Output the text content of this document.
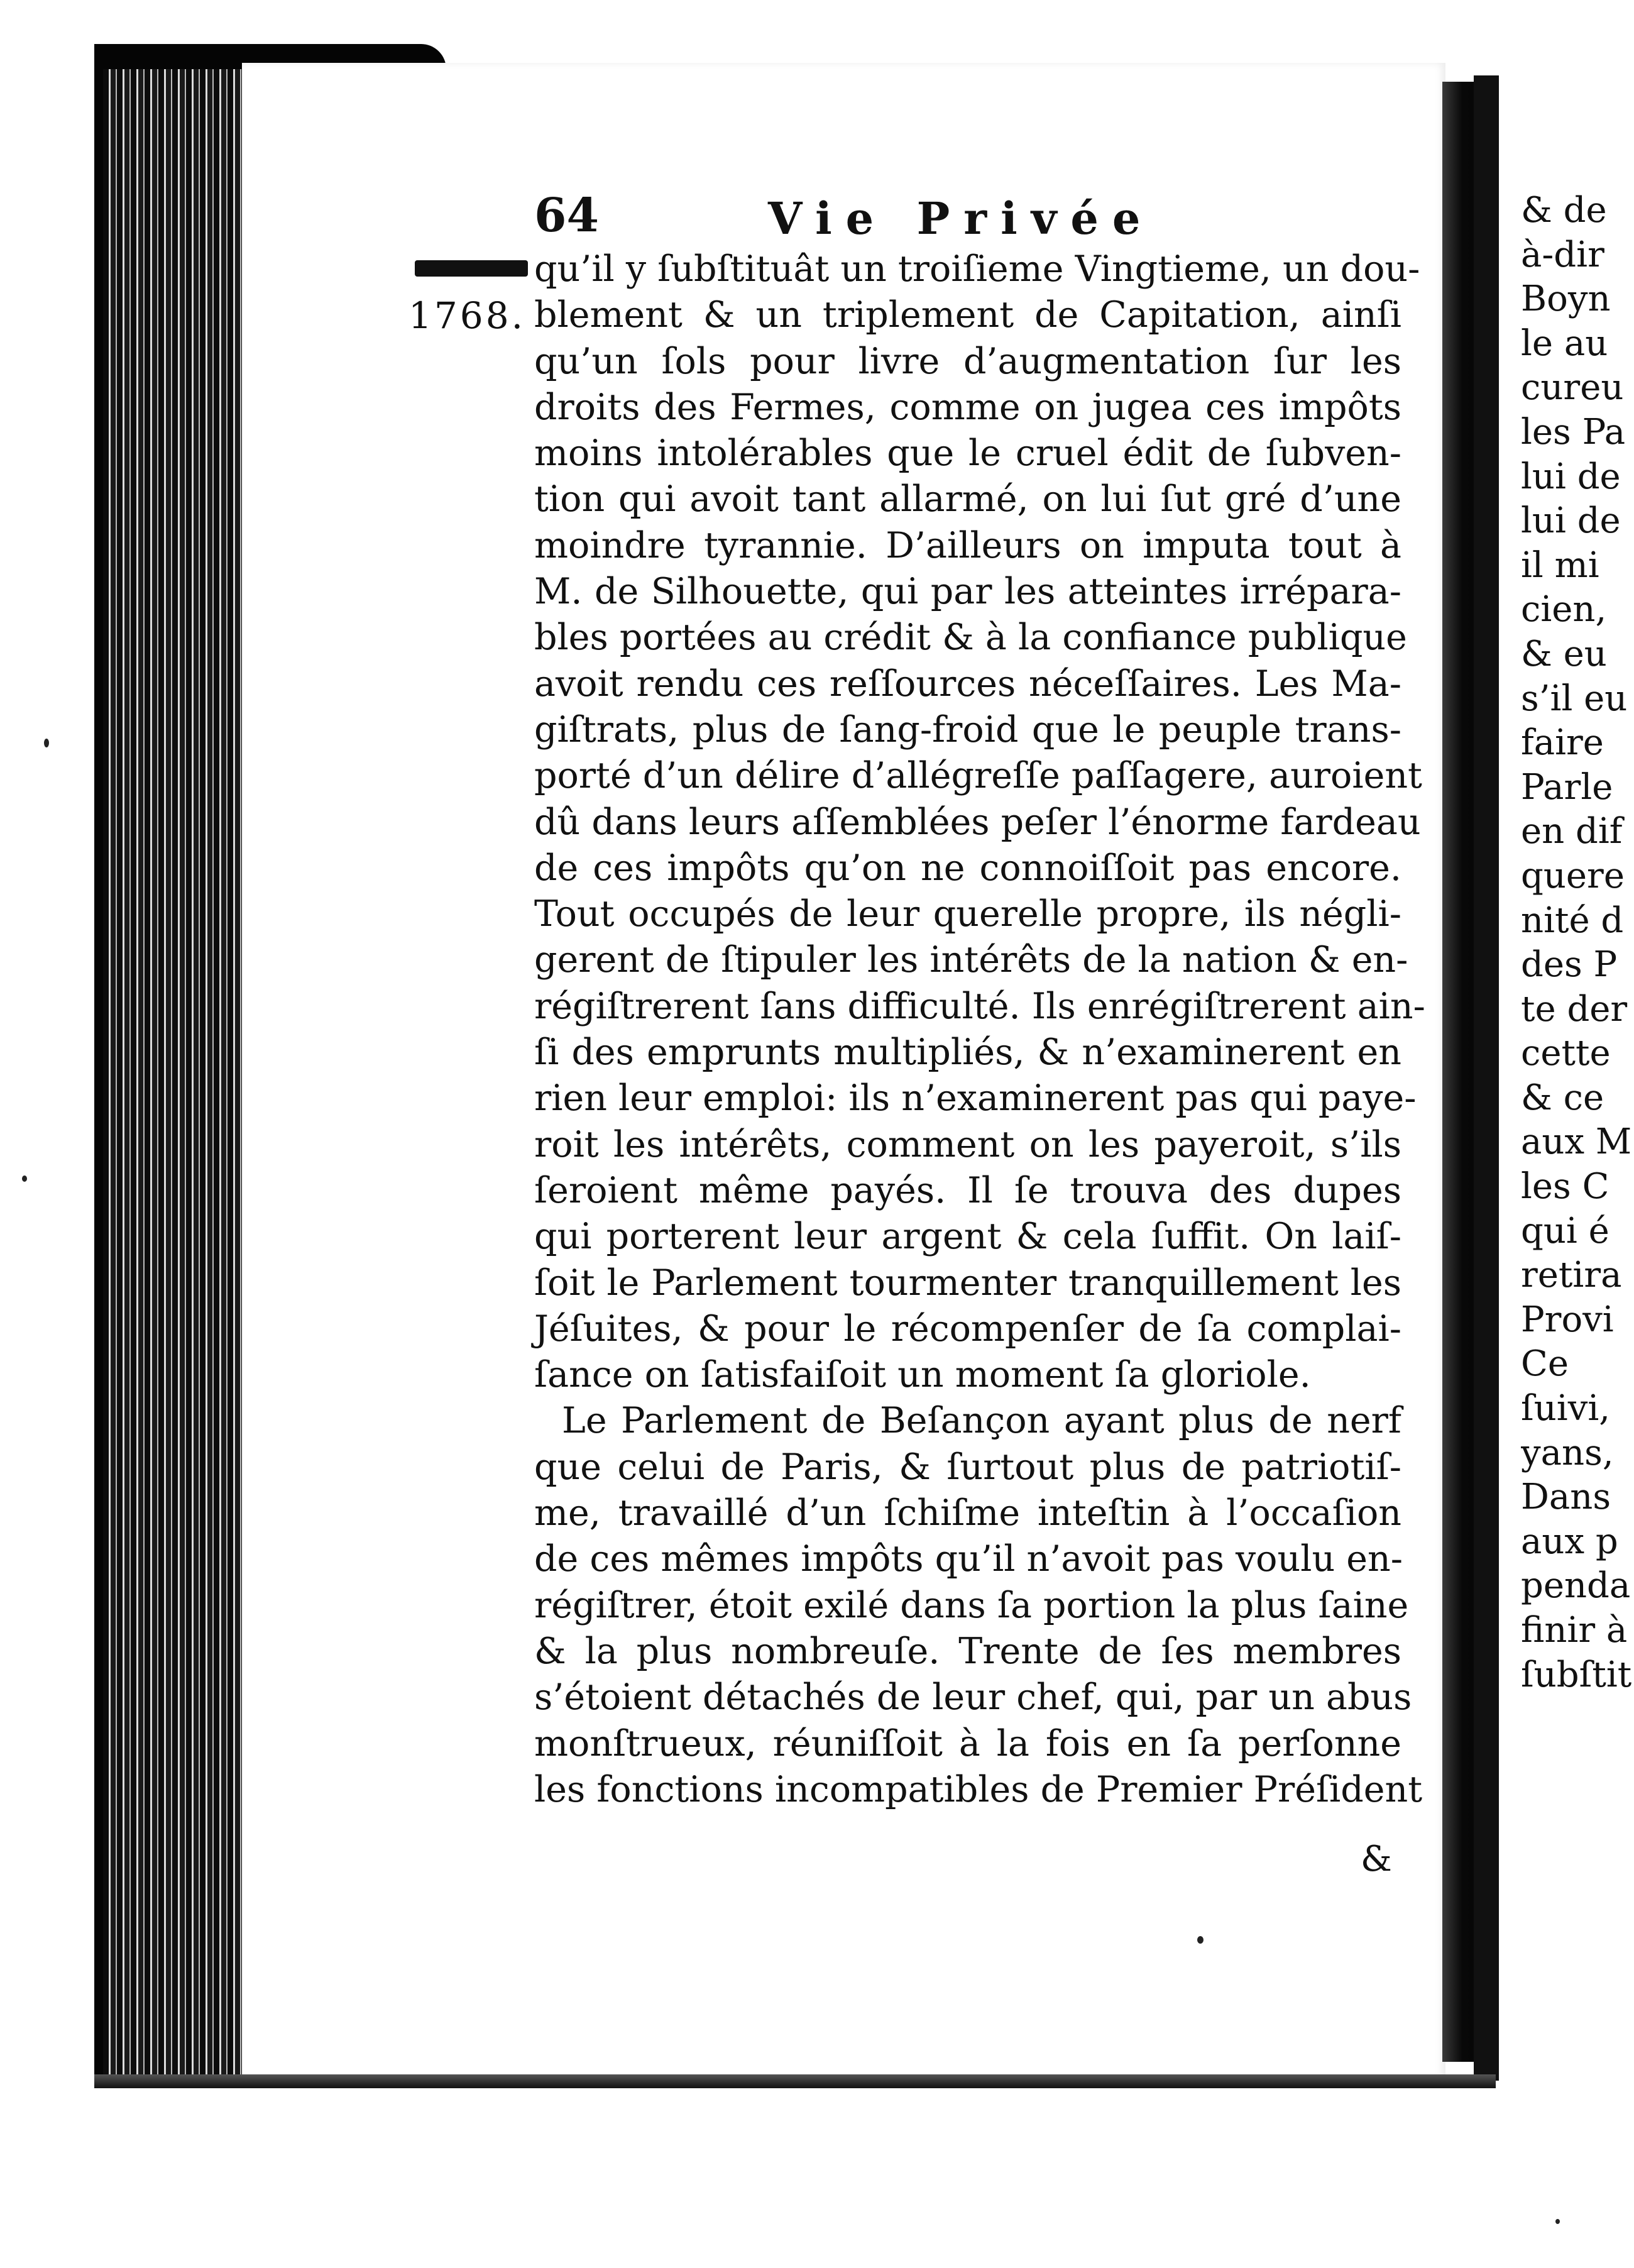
64	Vie Privée
1768.

qu’il y ſubſtituât un troiſieme Vingtieme, un dou-
blement & un triplement de Capitation, ainſi
qu’un ſols pour livre d’augmentation ſur les
droits des Fermes, comme on jugea ces impôts
moins intolérables que le cruel édit de ſubven-
tion qui avoit tant allarmé, on lui ſut gré d’une
moindre tyrannie. D’ailleurs on imputa tout à
M. de Silhouette, qui par les atteintes irrépara-
bles portées au crédit & à la confiance publique
avoit rendu ces reſſources néceſſaires. Les Ma-
giſtrats, plus de ſang-froid que le peuple trans-
porté d’un délire d’allégreſſe paſſagere, auroient
dû dans leurs aſſemblées peſer l’énorme fardeau
de ces impôts qu’on ne connoiſſoit pas encore.
Tout occupés de leur querelle propre, ils négli-
gerent de ſtipuler les intérêts de la nation & en-
régiſtrerent ſans difficulté. Ils enrégiſtrerent ain-
ſi des emprunts multipliés, & n’examinerent en
rien leur emploi: ils n’examinerent pas qui paye-
roit les intérêts, comment on les payeroit, s’ils
ſeroient même payés. Il ſe trouva des dupes
qui porterent leur argent & cela ſuffit. On laiſ-
ſoit le Parlement tourmenter tranquillement les
Jéſuites, & pour le récompenſer de ſa complai-
ſance on ſatisfaiſoit un moment ſa gloriole.
Le Parlement de Beſançon ayant plus de nerf
que celui de Paris, & ſurtout plus de patriotiſ-
me, travaillé d’un ſchiſme inteſtin à l’occaſion
de ces mêmes impôts qu’il n’avoit pas voulu en-
régiſtrer, étoit exilé dans ſa portion la plus ſaine
& la plus nombreuſe. Trente de ſes membres
s’étoient détachés de leur chef, qui, par un abus
monſtrueux, réuniſſoit à la fois en ſa perſonne
les fonctions incompatibles de Premier Préſident
&
& de
à-dir
Boyn
le au
cureu
les Pa
lui de
lui de
il mi
cien,
& eu
s’il eu
faire
Parle
en dif
quere
nité d
des P
te der
cette
& ce
aux M
les C
qui é
retira
Provi
Ce
ſuivi,
yans,
Dans
aux p
penda
finir à
ſubſtit
